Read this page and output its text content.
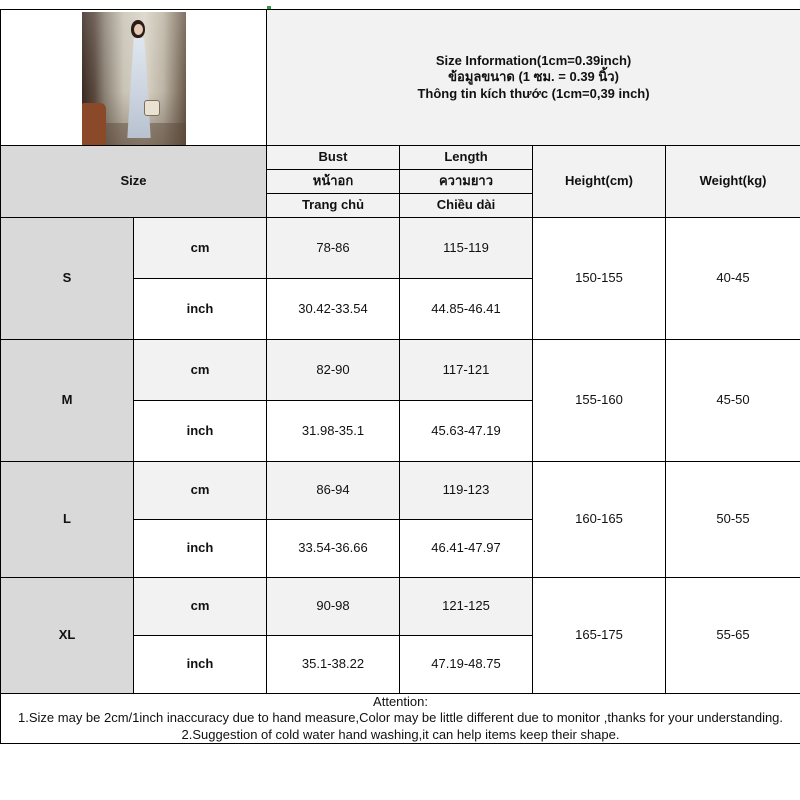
		Size Information(1cm=0.39inch)
ข้อมูลขนาด (1 ซม. = 0.39 นิ้ว)
Thông tin kích thước (1cm=0,39 inch)			

Size		Bust	Length	Height(cm)	Weight(kg)
		หน้าอก	ความยาว		
		Trang chủ	Chiều dài		
S	cm	78-86	115-119	150-155	40-45
	inch	30.42-33.54	44.85-46.41		
M	cm	82-90	117-121	155-160	45-50
	inch	31.98-35.1	45.63-47.19		
L	cm	86-94	119-123	160-165	50-55
	inch	33.54-36.66	46.41-47.97		
XL	cm	90-98	121-125	165-175	55-65
	inch	35.1-38.22	47.19-48.75		

Attention:
1.Size may be 2cm/1inch inaccuracy due to hand measure,Color may be little different due to monitor ,thanks for your understanding.
2.Suggestion of cold water hand washing,it can help items keep their shape.					
